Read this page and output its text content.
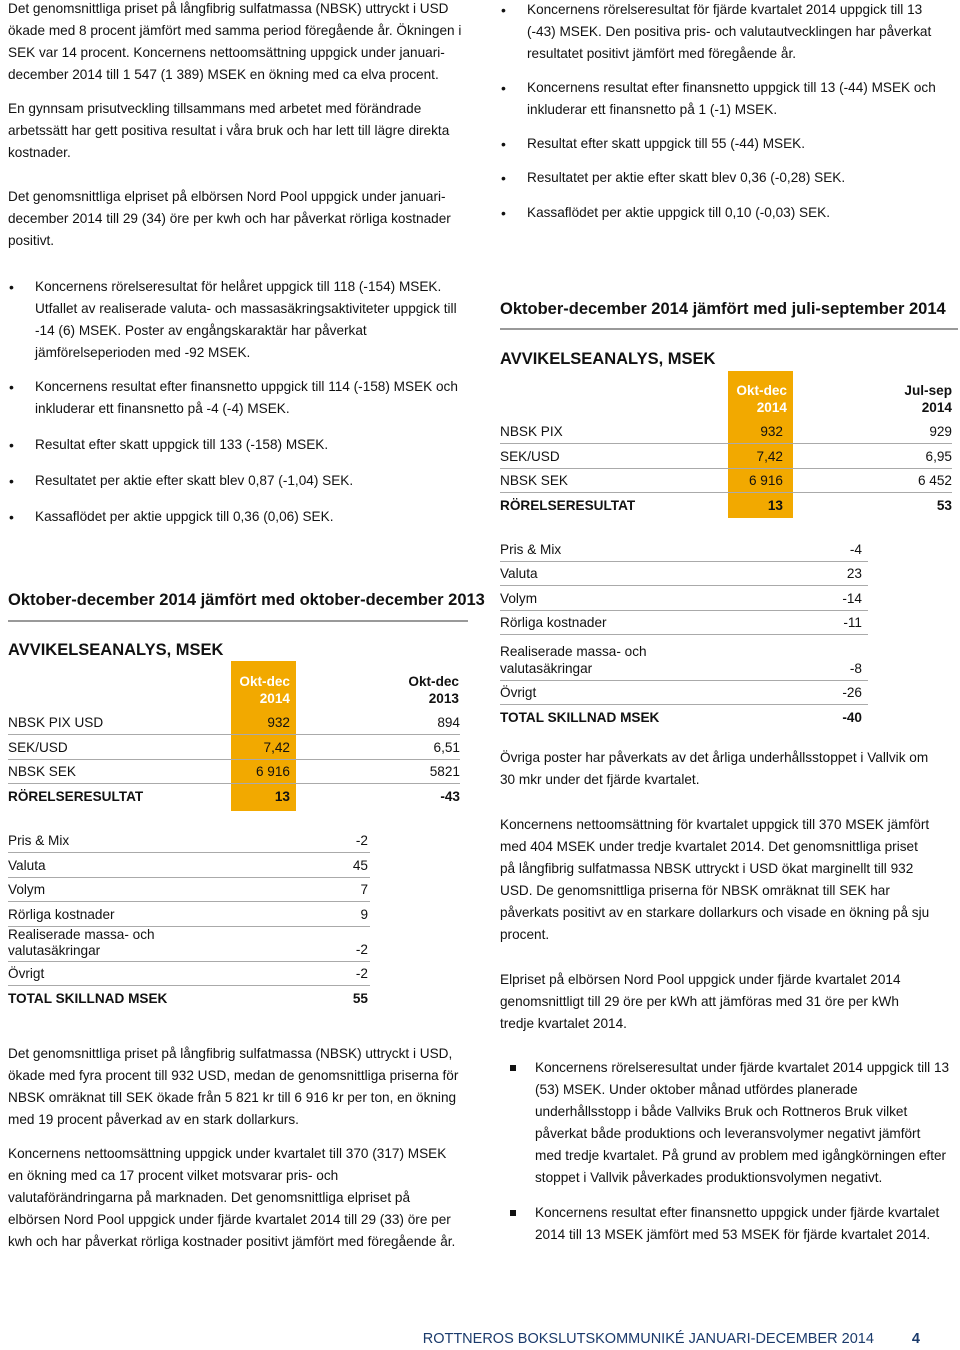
Det genomsnittliga priset på långfibrig sulfatmassa (NBSK) uttryckt i USD ökade med 8 procent jämfört med samma period föregående år. Ökningen i SEK var 14 procent. Koncernens nettoomsättning uppgick under januari-december 2014 till 1 547 (1 389) MSEK en ökning med ca elva procent.
En gynnsam prisutveckling tillsammans med arbetet med förändrade arbetssätt har gett positiva resultat i våra bruk och har lett till lägre direkta kostnader.
Det genomsnittliga elpriset på elbörsen Nord Pool uppgick under januari-december 2014 till 29 (34) öre per kwh och har påverkat rörliga kostnader positivt.
• Koncernens rörelseresultat för fjärde kvartalet 2014 uppgick till 13 (-43) MSEK. Den positiva pris- och valutautvecklingen har påverkat resultatet positivt jämfört med föregående år.
• Koncernens resultat efter finansnetto uppgick till 13 (-44) MSEK och inkluderar ett finansnetto på 1 (-1) MSEK.
• Resultat efter skatt uppgick till 55 (-44) MSEK.
• Resultatet per aktie efter skatt blev 0,36 (-0,28) SEK.
• Kassaflödet per aktie uppgick till 0,10 (-0,03) SEK.
• Koncernens rörelseresultat för helåret uppgick till 118 (-154) MSEK. Utfallet av realiserade valuta- och massasäkringsaktiviteter uppgick till -14 (6) MSEK. Poster av engångskaraktär har påverkat jämförelseperioden med -92 MSEK.
• Koncernens resultat efter finansnetto uppgick till 114 (-158) MSEK och inkluderar ett finansnetto på -4 (-4) MSEK.
• Resultat efter skatt uppgick till 133 (-158) MSEK.
• Resultatet per aktie efter skatt blev 0,87 (-1,04) SEK.
• Kassaflödet per aktie uppgick till 0,36 (0,06) SEK.
Oktober-december 2014 jämfört med oktober-december 2013
AVVIKELSEANALYS, MSEK
Okt-dec 2014
Okt-dec 2013
NBSK PIX USD	932	894
SEK/USD	7,42	6,51
NBSK SEK	6 916	5821
RÖRELSERESULTAT	13	-43
Pris & Mix	-2
Valuta	45
Volym	7
Rörliga kostnader	9
Realiserade massa- och valutasäkringar	-2
Övrigt	-2
TOTAL SKILLNAD MSEK	55
Det genomsnittliga priset på långfibrig sulfatmassa (NBSK) uttryckt i USD, ökade med fyra procent till 932 USD, medan de genomsnittliga priserna för NBSK omräknat till SEK ökade från 5 821 kr till 6 916 kr per ton, en ökning med 19 procent påverkad av en stark dollarkurs.
Koncernens nettoomsättning uppgick under kvartalet till 370 (317) MSEK en ökning med ca 17 procent vilket motsvarar pris- och valutaförändringarna på marknaden. Det genomsnittliga elpriset på elbörsen Nord Pool uppgick under fjärde kvartalet 2014 till 29 (33) öre per kwh och har påverkat rörliga kostnader positivt jämfört med föregående år.
Oktober-december 2014 jämfört med juli-september 2014
AVVIKELSEANALYS, MSEK
Okt-dec 2014
Jul-sep 2014
NBSK PIX	932	929
SEK/USD	7,42	6,95
NBSK SEK	6 916	6 452
RÖRELSERESULTAT	13	53
Pris & Mix	-4
Valuta	23
Volym	-14
Rörliga kostnader	-11
Realiserade massa- och valutasäkringar	-8
Övrigt	-26
TOTAL SKILLNAD MSEK	-40
Övriga poster har påverkats av det årliga underhållsstoppet i Vallvik om 30 mkr under det fjärde kvartalet.
Koncernens nettoomsättning för kvartalet uppgick till 370 MSEK jämfört med 404 MSEK under tredje kvartalet 2014. Det genomsnittliga priset på långfibrig sulfatmassa NBSK uttryckt i USD ökat marginellt till 932 USD. De genomsnittliga priserna för NBSK omräknat till SEK har påverkats positivt av en starkare dollarkurs och visade en ökning på sju procent.
Elpriset på elbörsen Nord Pool uppgick under fjärde kvartalet 2014 genomsnittligt till 29 öre per kWh att jämföras med 31 öre per kWh tredje kvartalet 2014.
Koncernens rörelseresultat under fjärde kvartalet 2014 uppgick till 13 (53) MSEK. Under oktober månad utfördes planerade underhållsstopp i både Vallviks Bruk och Rottneros Bruk vilket påverkat både produktions och leveransvolymer negativt jämfört med tredje kvartalet. På grund av problem med igångkörningen efter stoppet i Vallvik påverkades produktionsvolymen negativt.
Koncernens resultat efter finansnetto uppgick under fjärde kvartalet 2014 till 13 MSEK jämfört med 53 MSEK för fjärde kvartalet 2014.
ROTTNEROS BOKSLUTSKOMMUNIKÉ JANUARI-DECEMBER 2014	4
